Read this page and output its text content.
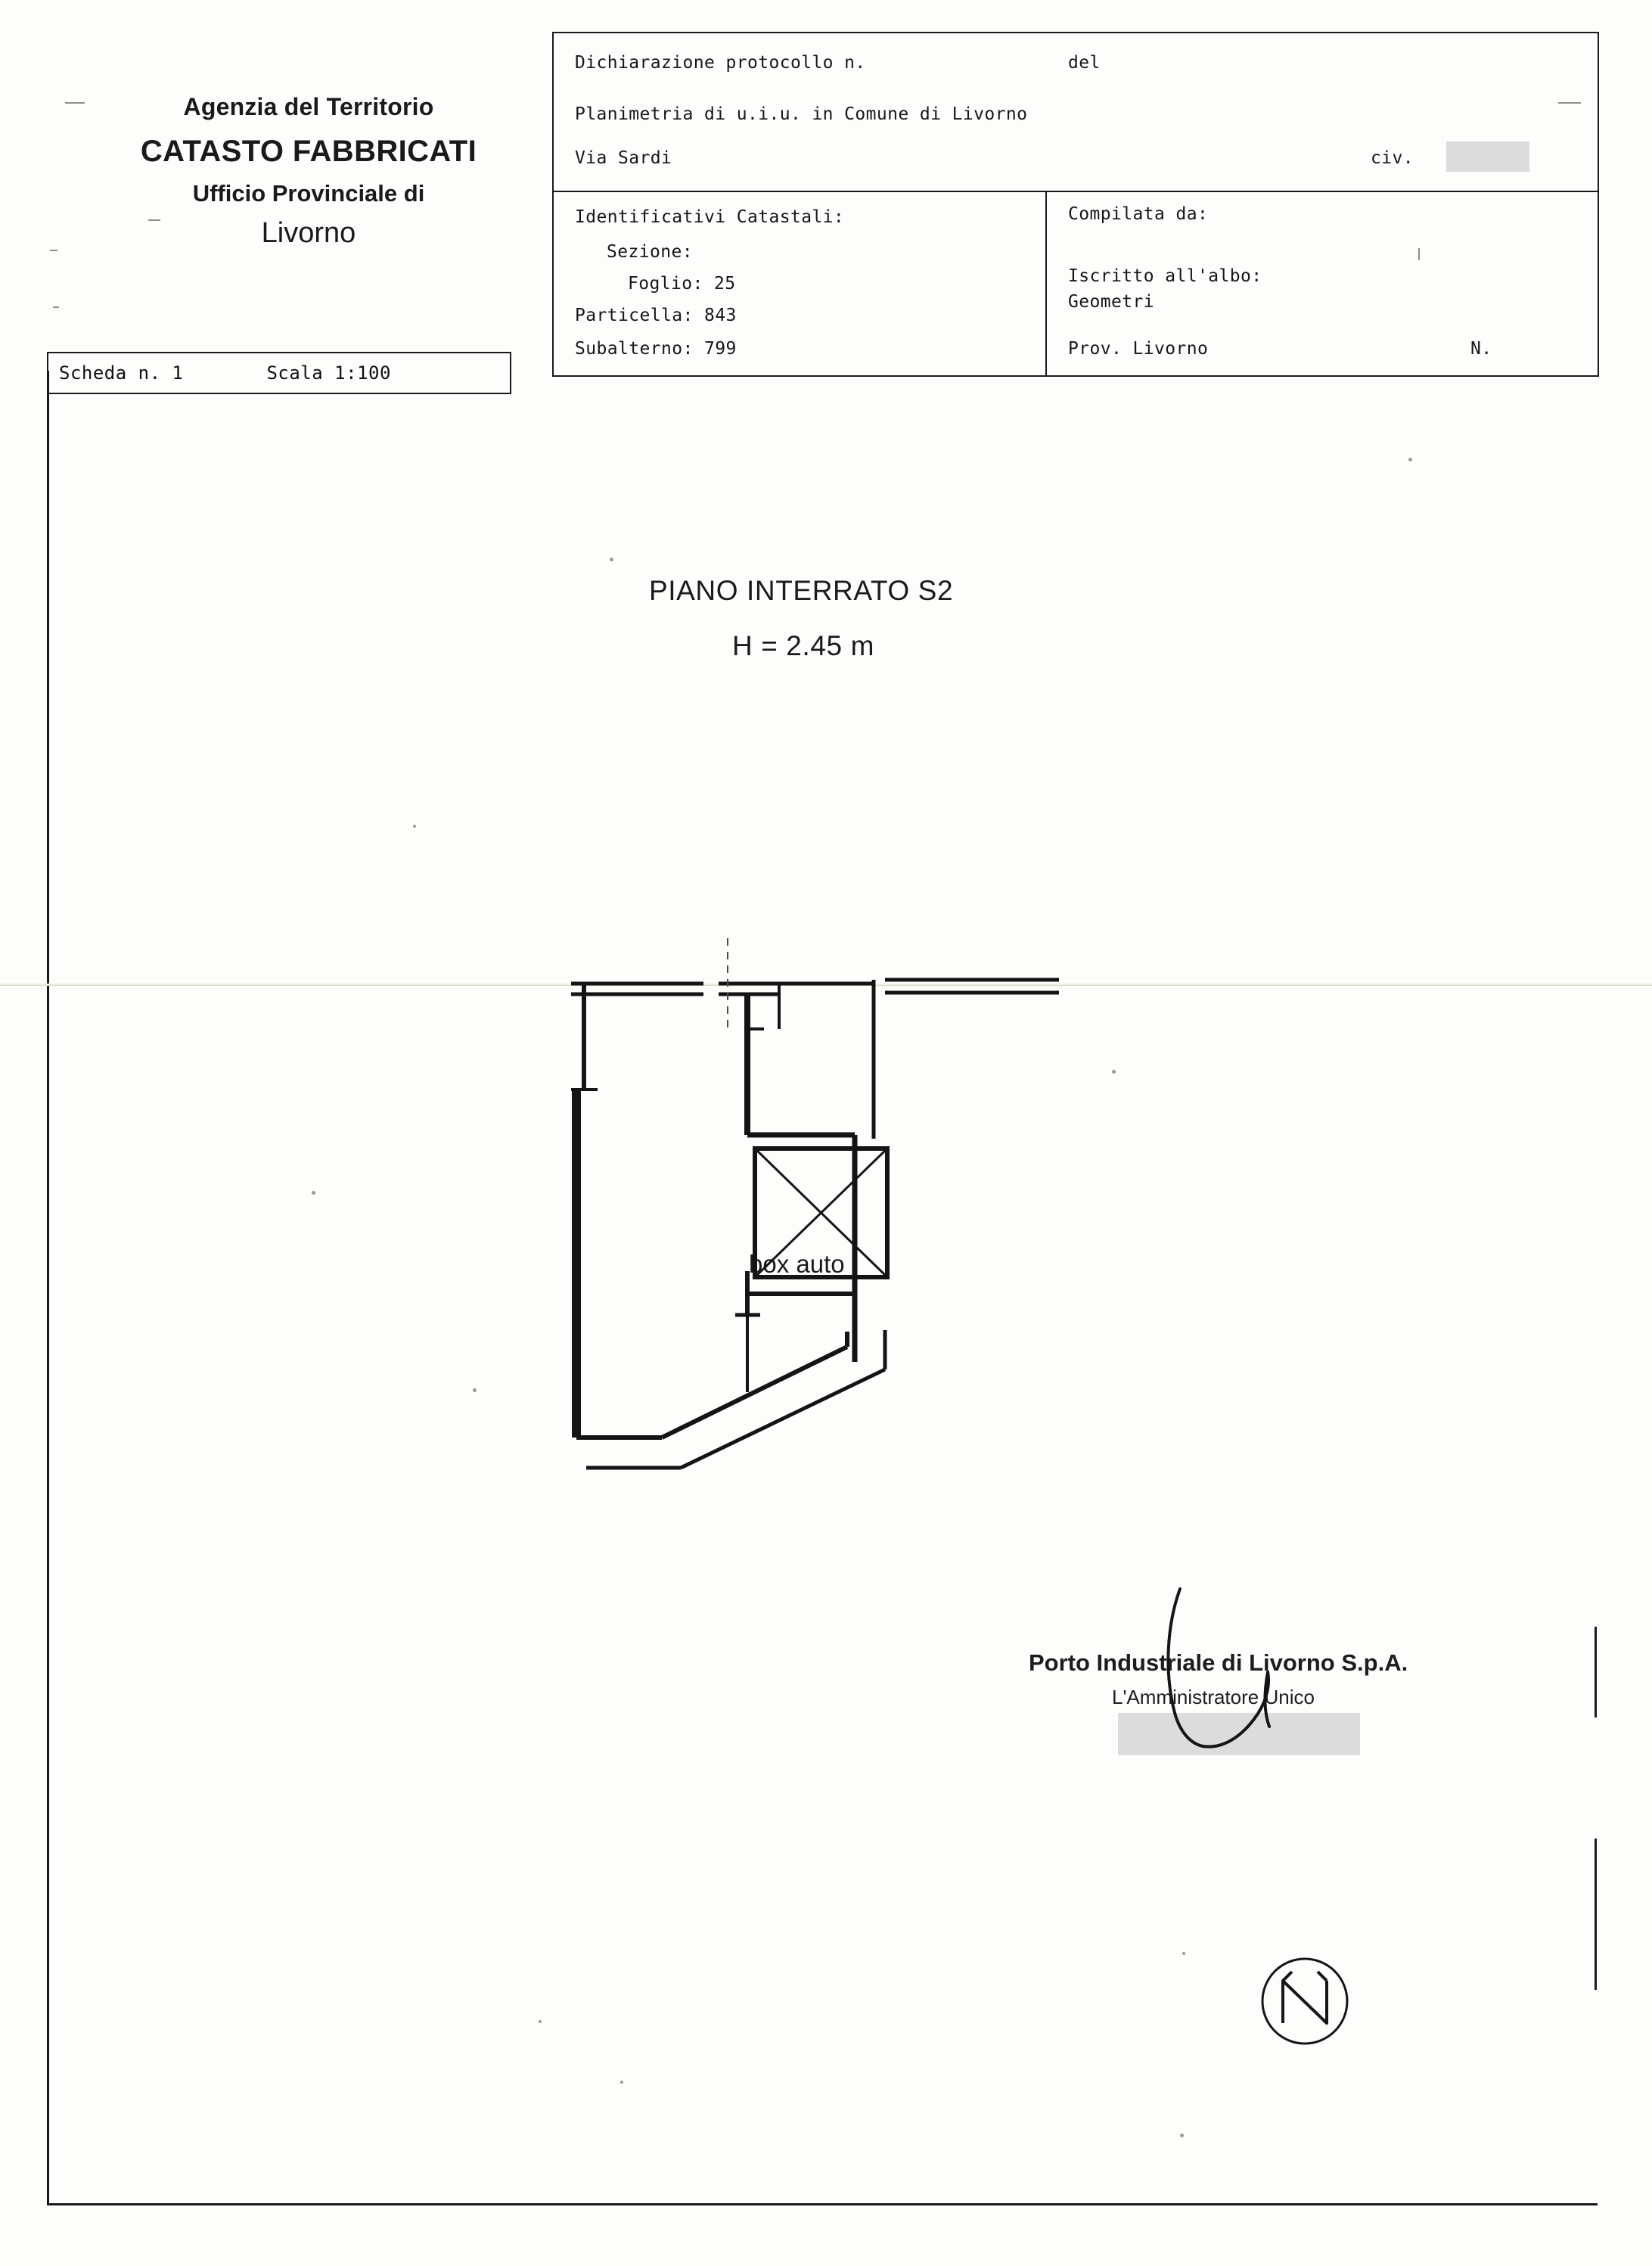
Agenzia del Territorio
CATASTO FABBRICATI
Ufficio Provinciale di
Livorno
Scheda n. 1	Scala 1:100
Dichiarazione protocollo n.	del
Planimetria di u.i.u. in Comune di Livorno
Via Sardi	civ.
Identificativi Catastali:
Sezione:
Foglio: 25
Particella: 843
Subalterno: 799
Compilata da:
Iscritto all'albo:
Geometri
Prov. Livorno	N.
PIANO INTERRATO S2
H = 2.45 m
box auto
Porto Industriale di Livorno S.p.A.
L'Amministratore Unico
